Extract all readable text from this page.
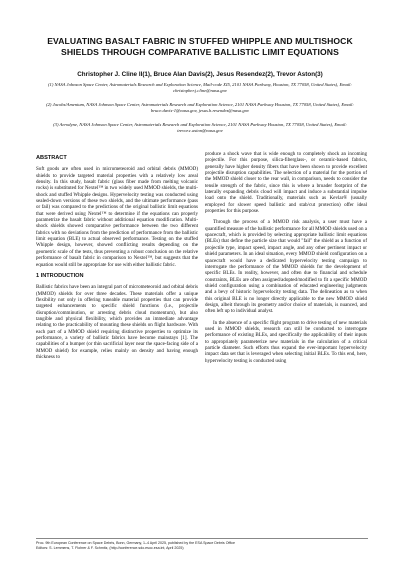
EVALUATING BASALT FABRIC IN STUFFED WHIPPLE AND MULTISHOCK SHIELDS THROUGH COMPARATIVE BALLISTIC LIMIT EQUATIONS
Christopher J. Cline II(1), Bruce Alan Davis(2), Jesus Resendez(2), Trevor Aston(3)
(1) NASA Johnson Space Center, Astromaterials Research and Exploration Science, Mail-code XI5, 2101 NASA Parkway, Houston, TX 77058, United States), Email: christopher.j.cline@nasa.gov
(2) Jacobs/Amentum, NASA Johnson Space Center, Astromaterials Research and Exploration Science, 2101 NASA Parkway Houston, TX 77058, United States), Email: bruce.davis-1@nasa.gov, jesus.h.resendez@nasa.gov
(3) Aerodyne, NASA Johnson Space Center, Astromaterials Research and Exploration Science, 2101 NASA Parkway Houston, TX 77058, United States), Email: trevor.c.aston@nasa.gov
ABSTRACT

Soft goods are often used in micrometeoroid and orbital debris (MMOD) shields to provide targeted material properties with a relatively low areal density. In this study, basalt fabric (glass fiber made from melting volcanic rocks) is substituted for Nextel™ in two widely used MMOD shields, the multi-shock and stuffed Whipple designs. Hypervelocity testing was conducted using sealed-down versions of these two shields, and the ultimate performance (pass or fail) was compared to the predictions of the original ballistic limit equations that were derived using Nextel™ to determine if the equations can properly parametrize the basalt fabric without additional equation modification. Multi-shock shields showed comparative performance between the two different fabrics with no deviations from the prediction of performance from the ballistic limit equation (BLE) to actual observed performance. Testing on the stuffed Whipple design, however, showed conflicting results depending on the geometric scale of the tests, thus preventing a robust conclusion on the relative performance of basalt fabric in comparison to Nextel™, but suggests that the equation would still be appropriate for use with either ballistic fabric.

1 INTRODUCTION

Ballistic fabrics have been an integral part of micrometeoroid and orbital debris (MMOD) shields for over three decades. These materials offer a unique flexibility not only in offering tuneable material properties that can provide targeted enhancements to specific shield functions (i.e., projectile disruption/comminution, or arresting debris cloud momentum), but also tangible and physical flexibility, which provides an immediate advantage relating to the practicability of mounting these shields on flight hardware. With each part of a MMOD shield requiring distinctive properties to optimize its performance, a variety of ballistic fabrics have become mainstays [1]. The capabilities of a bumper (or thin sacrificial layer near the space-facing side of a MMOD shield) for example, relies mainly on density and having enough thickness to

produce a shock wave that is wide enough to completely shock an incoming projectile. For this purpose, silica-fiberglass-, or ceramic-based fabrics, generally have higher density fibers that have been shown to provide excellent projectile disruption capabilities. The selection of a material for the portion of the MMOD shield closer to the rear wall, in comparison, needs to consider the tensile strength of the fabric, since this is where a broader footprint of the laterally expanding debris cloud will impact and induce a substantial impulse load onto the shield. Traditionally, materials such as Kevlar® (usually employed for slower speed ballistic and stab/cut protection) offer ideal properties for this purpose.

Through the process of a MMOD risk analysis, a user must have a quantified measure of the ballistic performance for all MMOD shields used on a spacecraft, which is provided by selecting appropriate ballistic limit equations (BLEs) that define the particle size that would "fail" the shield as a function of projectile type, impact speed, impact angle, and any other pertinent impact or shield parameters. In an ideal situation, every MMOD shield configuration on a spacecraft would have a dedicated hypervelocity testing campaign to interrogate the performance of the MMOD shields for the development of specific BLEs. In reality, however, and often due to financial and schedule constraints, BLEs are often assigned/adopted/modified to fit a specific MMOD shield configuration using a combination of educated engineering judgments and a bevy of historic hypervelocity testing data. The delineation as to when this original BLE is no longer directly applicable to the new MMOD shield design, albeit through its geometry and/or choice of materials, is nuanced, and often left up to individual analyst.

In the absence of a specific flight program to drive testing of new materials used in MMOD shields, research can still be conducted to interrogate performance of existing BLEs, and specifically the applicability of their inputs to appropriately parameterize new materials in the calculation of a critical particle diameter. Such efforts thus expand the ever-important hypervelocity impact data set that is leveraged when selecting initial BLEs. To this end, here, hypervelocity testing is conducted using

Proc. 9th European Conference on Space Debris, Bonn, Germany, 1–4 April 2025, published by the ESA Space Debris Office
Editors: S. Lemmens, T. Flohrer & F. Schmitz, (http://conference.sdo.esoc.esa.int, April 2025)
